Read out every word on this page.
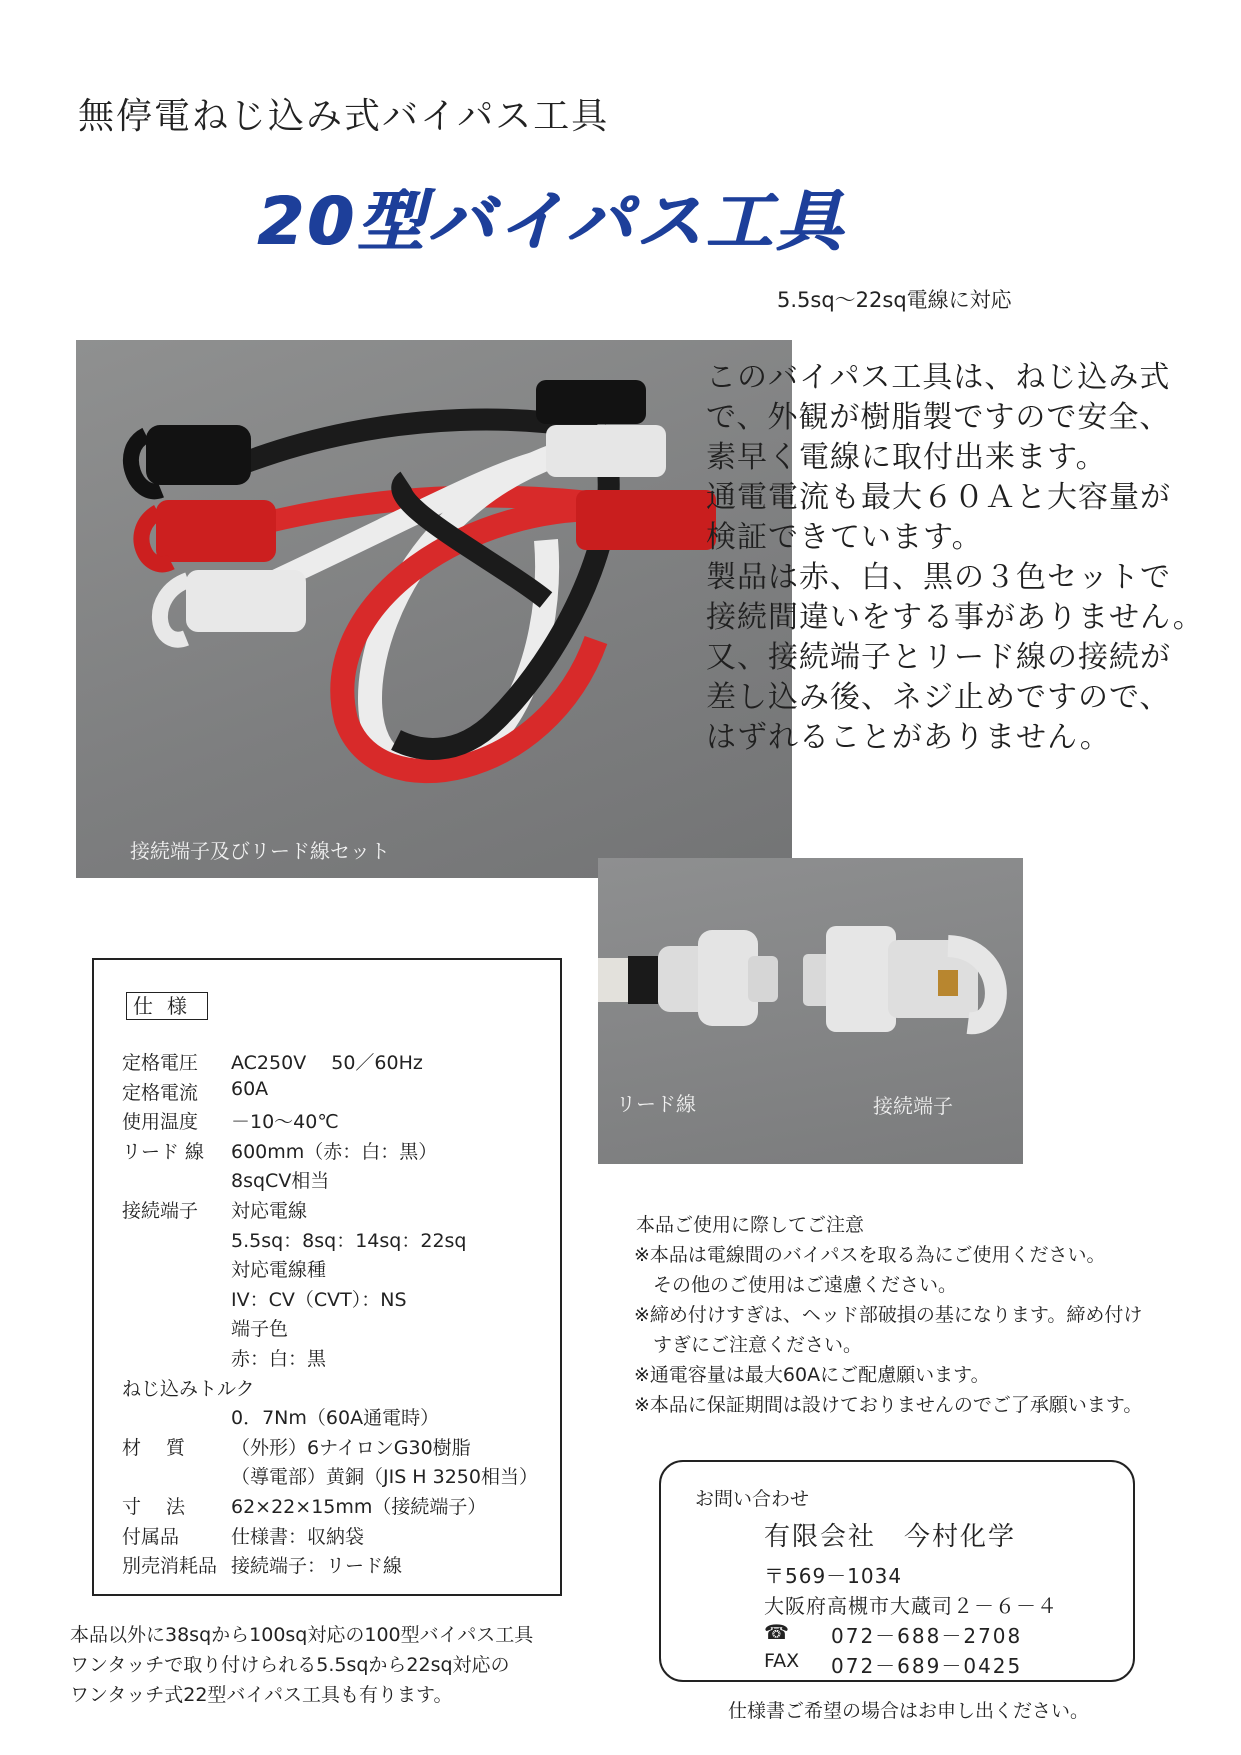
無停電ねじ込み式バイパス工具
20型バイパス工具
5.5sq〜22sq電線に対応
接続端子及びリード線セット
このバイパス工具は、ねじ込み式
で、外観が樹脂製ですので安全、
素早く電線に取付出来ます。
通電電流も最大６０Ａと大容量が
検証できています。
製品は赤、白、黒の３色セットで
接続間違いをする事がありません。
又、接続端子とリード線の接続が
差し込み後、ネジ止めですので、
はずれることがありません。
リード線	接続端子
仕様
定格電圧 AC250V　 50／60Hz
定格電流 60A
使用温度 －10〜40℃
リード 線 600mm（赤：白：黒）
8sqCV相当
接続端子 対応電線
5.5sq：8sq：14sq：22sq
対応電線種
IV：CV（CVT）：NS
端子色
赤：白：黒
ねじ込みトルク
0．7Nm（60A通電時）
材　 質 （外形）6ナイロンG30樹脂
（導電部）黄銅（JIS H 3250相当）
寸　 法 62×22×15mm（接続端子）
付属品	仕様書：収納袋
別売消耗品 接続端子：リード線
本品以外に38sqから100sq対応の100型バイパス工具
ワンタッチで取り付けられる5.5sqから22sq対応の
ワンタッチ式22型バイパス工具も有ります。
本品ご使用に際してご注意
※本品は電線間のバイパスを取る為にご使用ください。
　その他のご使用はご遠慮ください。
※締め付けすぎは、ヘッド部破損の基になります。締め付け
　すぎにご注意ください。
※通電容量は最大60Aにご配慮願います。
※本品に保証期間は設けておりませんのでご了承願います。
お問い合わせ
有限会社　今村化学
〒569－1034
大阪府高槻市大蔵司２－６－４
☎ 072－688－2708
FAX 072－689－0425
仕様書ご希望の場合はお申し出ください。
